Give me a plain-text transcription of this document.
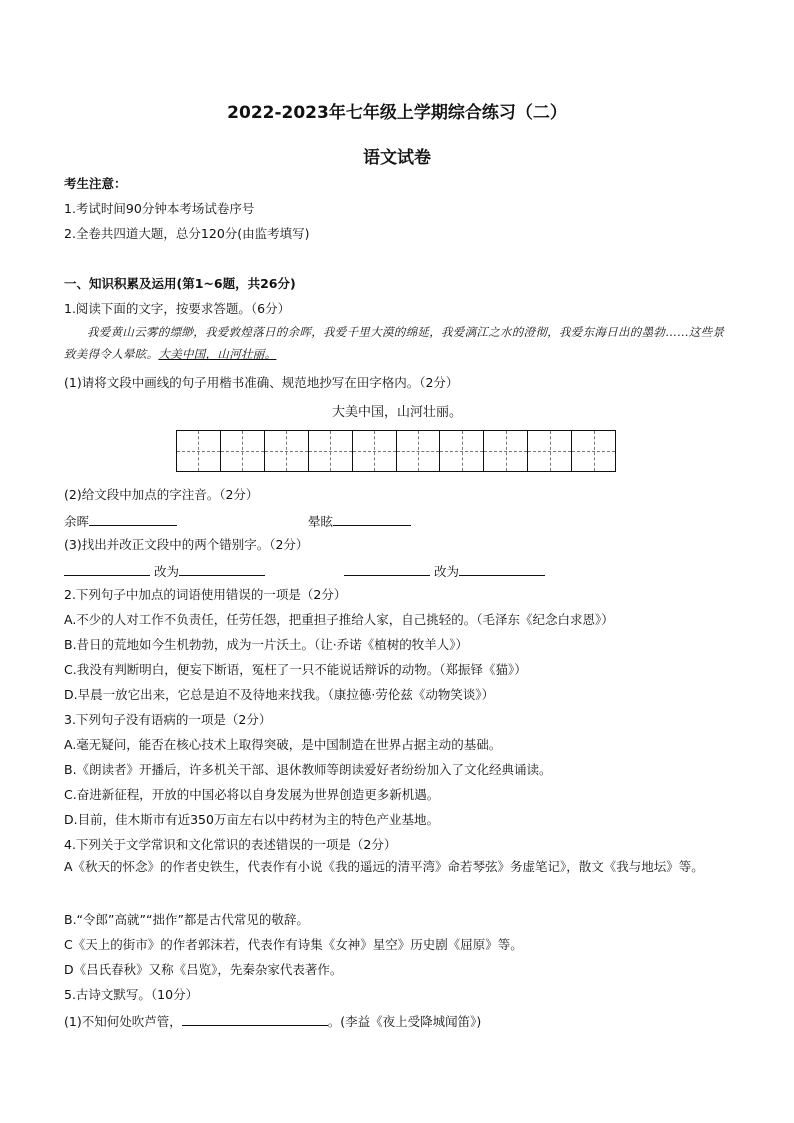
2022-2023年七年级上学期综合练习（二）
语文试卷
考生注意：
1.考试时间90分钟本考场试卷序号
2.全卷共四道大题，总分120分(由监考填写)
一、知识积累及运用(第1~6题，共26分)
1.阅读下面的文字，按要求答题。（6分）
我爱黄山云雾的缥缈，我爱敦煌落日的余晖，我爱千里大漠的绵延，我爱漓江之水的澄彻，我爱东海日出的墨勃……这些景致美得令人晕眩。大美中国，山河壮丽。
(1)请将文段中画线的句子用楷书准确、规范地抄写在田字格内。（2分）
大美中国，山河壮丽。
(2)给文段中加点的字注音。（2分）
余晖	晕眩
(3)找出并改正文段中的两个错别字。（2分）
改为	改为
2.下列句子中加点的词语使用错误的一项是（2分）
A.不少的人对工作不负责任，任劳任怨，把重担子推给人家，自己挑轻的。（毛泽东《纪念白求恩》）
B.昔日的荒地如今生机勃勃，成为一片沃土。（让·乔诺《植树的牧羊人》）
C.我没有判断明白，便妄下断语，冤枉了一只不能说话辩诉的动物。（郑振铎《猫》）
D.早晨一放它出来，它总是迫不及待地来找我。（康拉德·劳伦兹《动物笑谈》）
3.下列句子没有语病的一项是（2分）
A.毫无疑问，能否在核心技术上取得突破，是中国制造在世界占据主动的基础。
B.《朗读者》开播后，许多机关干部、退休教师等朗读爱好者纷纷加入了文化经典诵读。
C.奋进新征程，开放的中国必将以自身发展为世界创造更多新机遇。
D.目前，佳木斯市有近350万亩左右以中药材为主的特色产业基地。
4.下列关于文学常识和文化常识的表述错误的一项是（2分）
A《秋天的怀念》的作者史铁生，代表作有小说《我的遥远的清平湾》命若琴弦》务虚笔记》，散文《我与地坛》等。
B.“令郎”高就”“拙作”都是古代常见的敬辞。
C《天上的街市》的作者郭沫若，代表作有诗集《女神》星空》历史剧《屈原》等。
D《吕氏春秋》又称《吕览》，先秦杂家代表著作。
5.古诗文默写。（10分）
(1)不知何处吹芦管，	。(李益《夜上受降城闻笛》)
